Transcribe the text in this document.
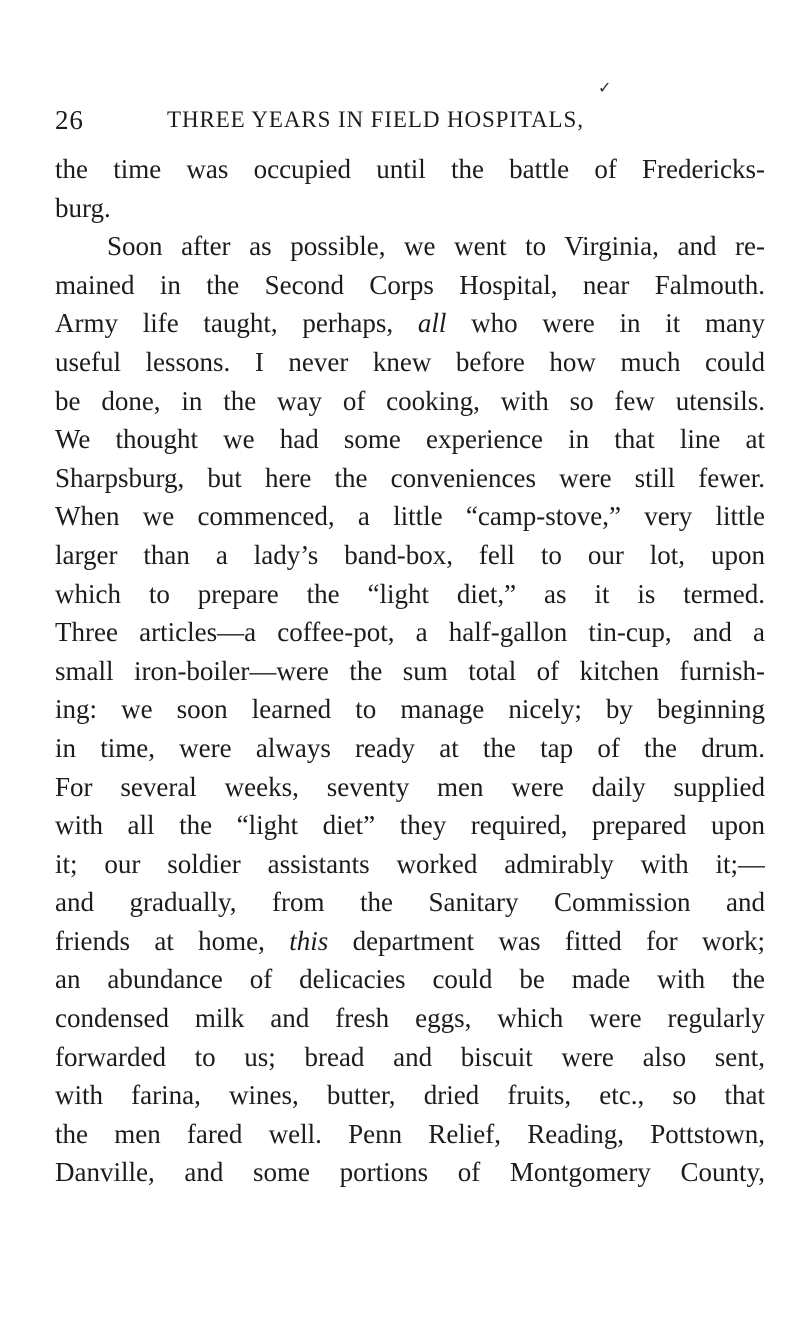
✓
26	THREE YEARS IN FIELD HOSPITALS,
the time was occupied until the battle of Fredericks-
burg.
Soon after as possible, we went to Virginia, and re-
mained in the Second Corps Hospital, near Falmouth.
Army life taught, perhaps, all who were in it many
useful lessons. I never knew before how much could
be done, in the way of cooking, with so few utensils.
We thought we had some experience in that line at
Sharpsburg, but here the conveniences were still fewer.
When we commenced, a little “camp-stove,” very little
larger than a lady’s band-box, fell to our lot, upon
which to prepare the “light diet,” as it is termed.
Three articles—a coffee-pot, a half-gallon tin-cup, and a
small iron-boiler—were the sum total of kitchen furnish-
ing: we soon learned to manage nicely; by beginning
in time, were always ready at the tap of the drum.
For several weeks, seventy men were daily supplied
with all the “light diet” they required, prepared upon
it; our soldier assistants worked admirably with it;—
and gradually, from the Sanitary Commission and
friends at home, this department was fitted for work;
an abundance of delicacies could be made with the
condensed milk and fresh eggs, which were regularly
forwarded to us; bread and biscuit were also sent,
with farina, wines, butter, dried fruits, etc., so that
the men fared well. Penn Relief, Reading, Pottstown,
Danville, and some portions of Montgomery County,
